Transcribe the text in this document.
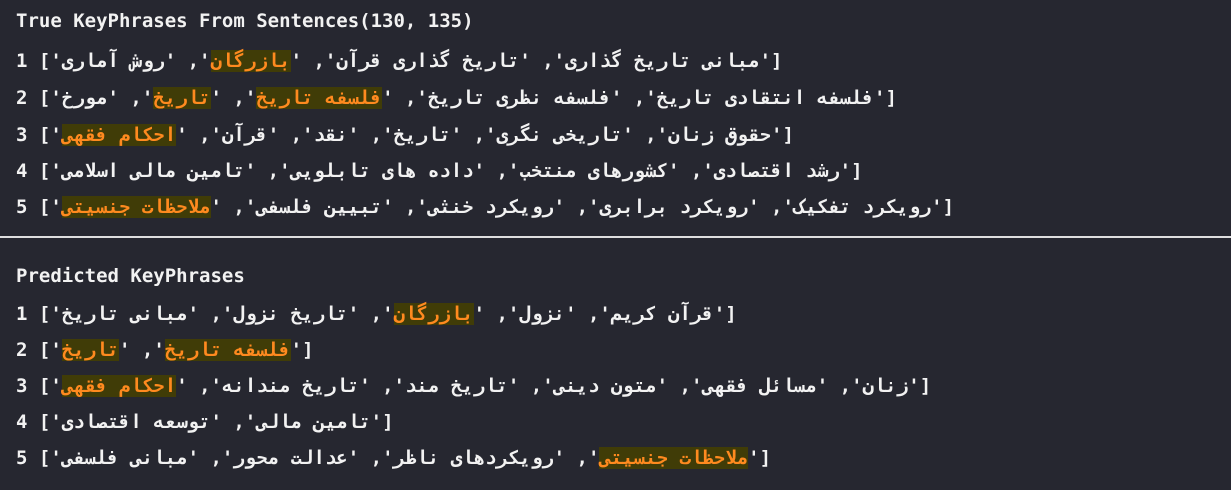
True KeyPhrases From Sentences(130, 135)
1 [	'مبانی تاریخ گذاری', 'تاریخ گذاری قرآن', 'بازرگان', 'روش آماری'	]
2 [	'فلسفه انتقادی تاریخ', 'فلسفه نظری تاریخ', 'فلسفه تاریخ', 'تاریخ', 'مورخ'	]
3 [	'حقوق زنان', 'تاریخی نگری', 'تاریخ', 'نقد', 'قرآن', 'احکام فقهی'	]
4 ['رشد اقتصادی', 'کشورهای منتخب', 'داده های تابلویی', 'تامین مالی اسلامی']
5 [	'رویکرد تفکیک', 'رویکرد برابری', 'رویکرد خنثی', 'تبیین فلسفی', 'ملاحظات جنسیتی'	]
Predicted KeyPhrases
1 [	'قرآن کریم', 'نزول', 'بازرگان', 'تاریخ نزول', 'مبانی تاریخ'	]
2 [	'فلسفه تاریخ', 'تاریخ'	]
3 [	'زنان', 'مسائل فقهی', 'متون دینی', 'تاریخ مند', 'تاریخ مندانه', 'احکام فقهی'	]
4 ['تامین مالی', 'توسعه اقتصادی']
5 [	'ملاحظات جنسیتی', 'رویکردهای ناظر', 'عدالت محور', 'مبانی فلسفی'	]
